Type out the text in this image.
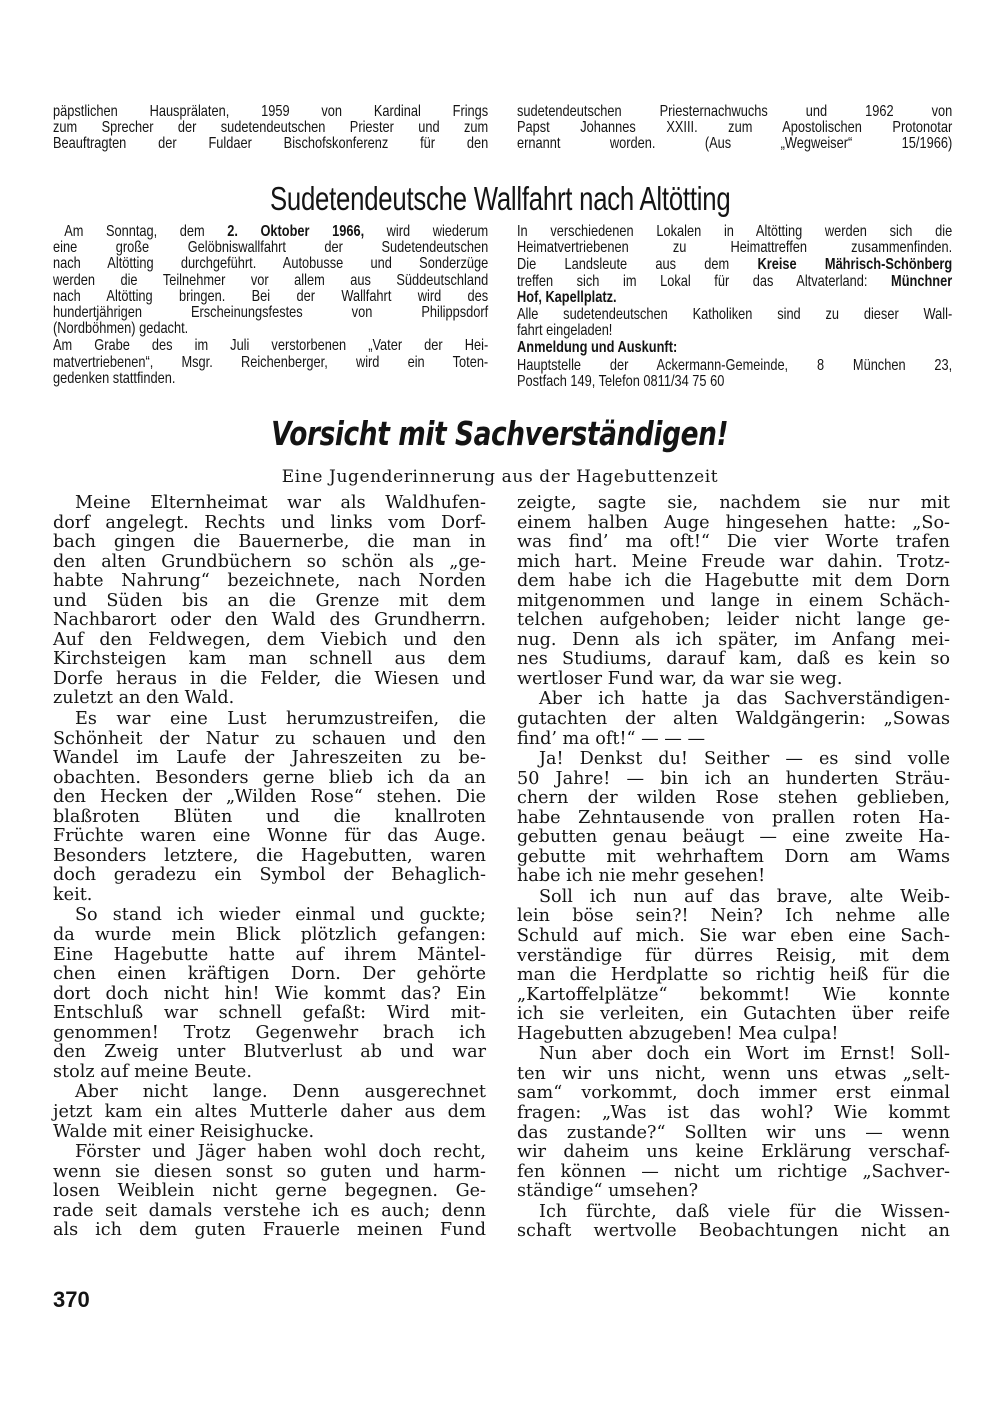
päpstlichen Hausprälaten, 1959 von Kardinal Frings
zum Sprecher der sudetendeutschen Priester und zum
Beauftragten der Fuldaer Bischofskonferenz für den
sudetendeutschen Priesternachwuchs und 1962 von
Papst Johannes XXIII. zum Apostolischen Protonotar
ernannt worden. (Aus „Wegweiser“ 15/1966)
Sudetendeutsche Wallfahrt nach Altötting
Am Sonntag, dem 2. Oktober 1966, wird wiederum
eine große Gelöbniswallfahrt der Sudetendeutschen
nach Altötting durchgeführt. Autobusse und Sonderzüge
werden die Teilnehmer vor allem aus Süddeutschland
nach Altötting bringen. Bei der Wallfahrt wird des
hundertjährigen Erscheinungsfestes von Philippsdorf
(Nordböhmen) gedacht.
Am Grabe des im Juli verstorbenen „Vater der Hei-
matvertriebenen“, Msgr. Reichenberger, wird ein Toten-
gedenken stattfinden.
In verschiedenen Lokalen in Altötting werden sich die
Heimatvertriebenen zu Heimattreffen zusammenfinden.
Die Landsleute aus dem Kreise Mährisch-Schönberg
treffen sich im Lokal für das Altvaterland: Münchner
Hof, Kapellplatz.
Alle sudetendeutschen Katholiken sind zu dieser Wall-
fahrt eingeladen!
Anmeldung und Auskunft:
Hauptstelle der Ackermann-Gemeinde, 8 München 23,
Postfach 149, Telefon 0811/34 75 60
Vorsicht mit Sachverständigen!
Eine Jugenderinnerung aus der Hagebuttenzeit
Meine Elternheimat war als Waldhufen-
dorf angelegt. Rechts und links vom Dorf-
bach gingen die Bauernerbe, die man in
den alten Grundbüchern so schön als „ge-
habte Nahrung“ bezeichnete, nach Norden
und Süden bis an die Grenze mit dem
Nachbarort oder den Wald des Grundherrn.
Auf den Feldwegen, dem Viebich und den
Kirchsteigen kam man schnell aus dem
Dorfe heraus in die Felder, die Wiesen und
zuletzt an den Wald.
Es war eine Lust herumzustreifen, die
Schönheit der Natur zu schauen und den
Wandel im Laufe der Jahreszeiten zu be-
obachten. Besonders gerne blieb ich da an
den Hecken der „Wilden Rose“ stehen. Die
blaßroten Blüten und die knallroten
Früchte waren eine Wonne für das Auge.
Besonders letztere, die Hagebutten, waren
doch geradezu ein Symbol der Behaglich-
keit.
So stand ich wieder einmal und guckte;
da wurde mein Blick plötzlich gefangen:
Eine Hagebutte hatte auf ihrem Mäntel-
chen einen kräftigen Dorn. Der gehörte
dort doch nicht hin! Wie kommt das? Ein
Entschluß war schnell gefaßt: Wird mit-
genommen! Trotz Gegenwehr brach ich
den Zweig unter Blutverlust ab und war
stolz auf meine Beute.
Aber nicht lange. Denn ausgerechnet
jetzt kam ein altes Mutterle daher aus dem
Walde mit einer Reisighucke.
Förster und Jäger haben wohl doch recht,
wenn sie diesen sonst so guten und harm-
losen Weiblein nicht gerne begegnen. Ge-
rade seit damals verstehe ich es auch; denn
als ich dem guten Frauerle meinen Fund
zeigte, sagte sie, nachdem sie nur mit
einem halben Auge hingesehen hatte: „So-
was find’ ma oft!“ Die vier Worte trafen
mich hart. Meine Freude war dahin. Trotz-
dem habe ich die Hagebutte mit dem Dorn
mitgenommen und lange in einem Schäch-
telchen aufgehoben; leider nicht lange ge-
nug. Denn als ich später, im Anfang mei-
nes Studiums, darauf kam, daß es kein so
wertloser Fund war, da war sie weg.
Aber ich hatte ja das Sachverständigen-
gutachten der alten Waldgängerin: „Sowas
find’ ma oft!“ — — —
Ja! Denkst du! Seither — es sind volle
50 Jahre! — bin ich an hunderten Sträu-
chern der wilden Rose stehen geblieben,
habe Zehntausende von prallen roten Ha-
gebutten genau beäugt — eine zweite Ha-
gebutte mit wehrhaftem Dorn am Wams
habe ich nie mehr gesehen!
Soll ich nun auf das brave, alte Weib-
lein böse sein?! Nein? Ich nehme alle
Schuld auf mich. Sie war eben eine Sach-
verständige für dürres Reisig, mit dem
man die Herdplatte so richtig heiß für die
„Kartoffelplätze“ bekommt! Wie konnte
ich sie verleiten, ein Gutachten über reife
Hagebutten abzugeben! Mea culpa!
Nun aber doch ein Wort im Ernst! Soll-
ten wir uns nicht, wenn uns etwas „selt-
sam“ vorkommt, doch immer erst einmal
fragen: „Was ist das wohl? Wie kommt
das zustande?“ Sollten wir uns — wenn
wir daheim uns keine Erklärung verschaf-
fen können — nicht um richtige „Sachver-
ständige“ umsehen?
Ich fürchte, daß viele für die Wissen-
schaft wertvolle Beobachtungen nicht an
370
